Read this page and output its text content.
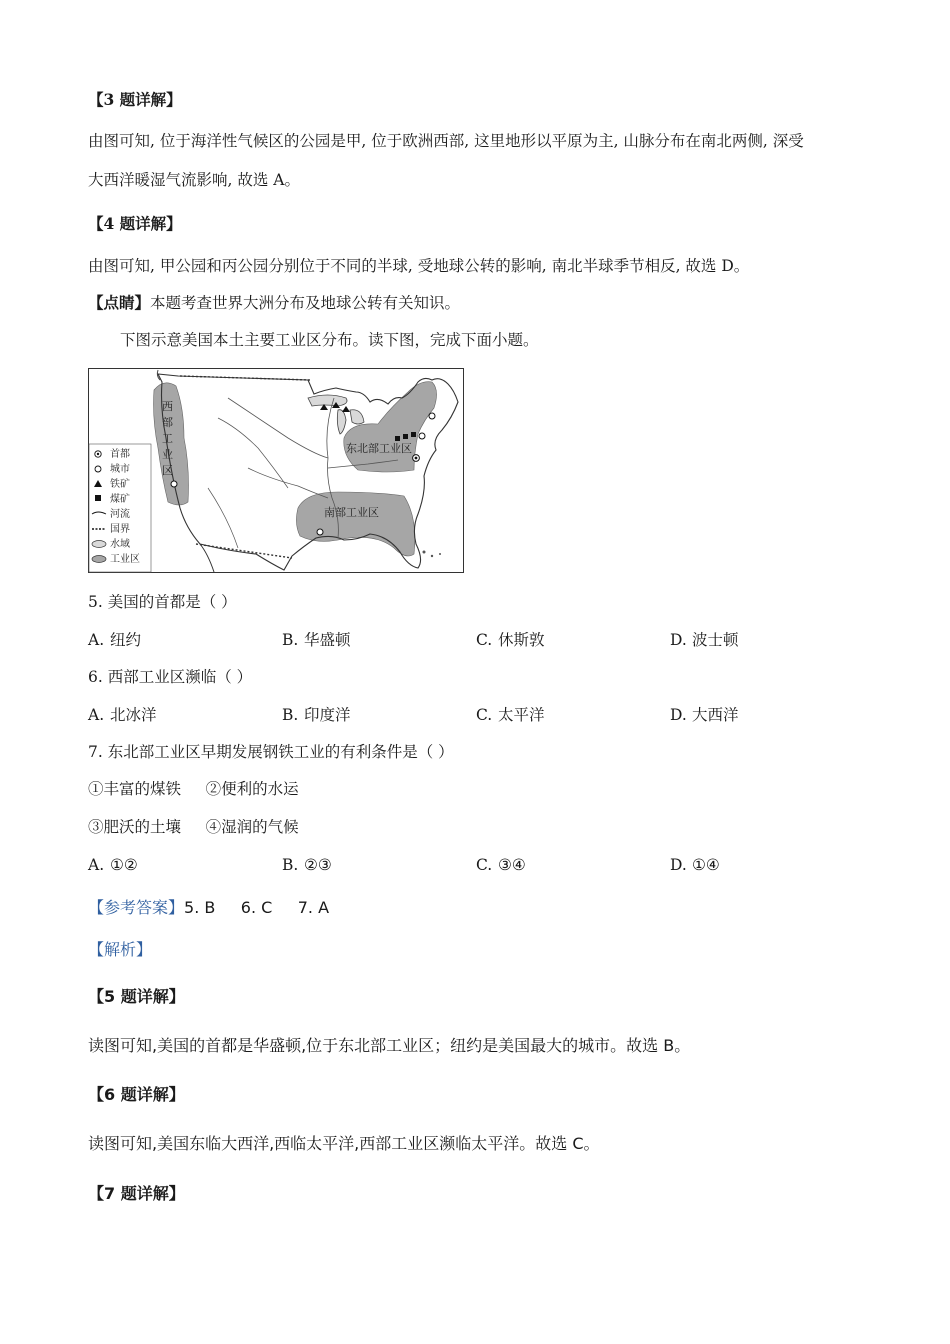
【3 题详解】
由图可知, 位于海洋性气候区的公园是甲, 位于欧洲西部, 这里地形以平原为主, 山脉分布在南北两侧, 深受
大西洋暖湿气流影响, 故选 A。
【4 题详解】
由图可知, 甲公园和丙公园分别位于不同的半球, 受地球公转的影响, 南北半球季节相反, 故选 D。
【点睛】本题考查世界大洲分布及地球公转有关知识。
下图示意美国本土主要工业区分布。读下图，完成下面小题。
西
部
工
业
区
东北部工业区
南部工业区
首都
城市
铁矿
煤矿
河流
国界
水域
工业区
5. 美国的首都是（ ）
A. 纽约	B. 华盛顿	C. 休斯敦	D. 波士顿
6. 西部工业区濒临（ ）
A. 北冰洋	B. 印度洋	C. 太平洋	D. 大西洋
7. 东北部工业区早期发展钢铁工业的有利条件是（ ）
①丰富的煤铁     ②便利的水运
③肥沃的土壤     ④湿润的气候
A. ①②	B. ②③	C. ③④	D. ①④
【参考答案】5. B     6. C     7. A
【解析】
【5 题详解】
读图可知,美国的首都是华盛顿,位于东北部工业区；纽约是美国最大的城市。故选 B。
【6 题详解】
读图可知,美国东临大西洋,西临太平洋,西部工业区濒临太平洋。故选 C。
【7 题详解】
